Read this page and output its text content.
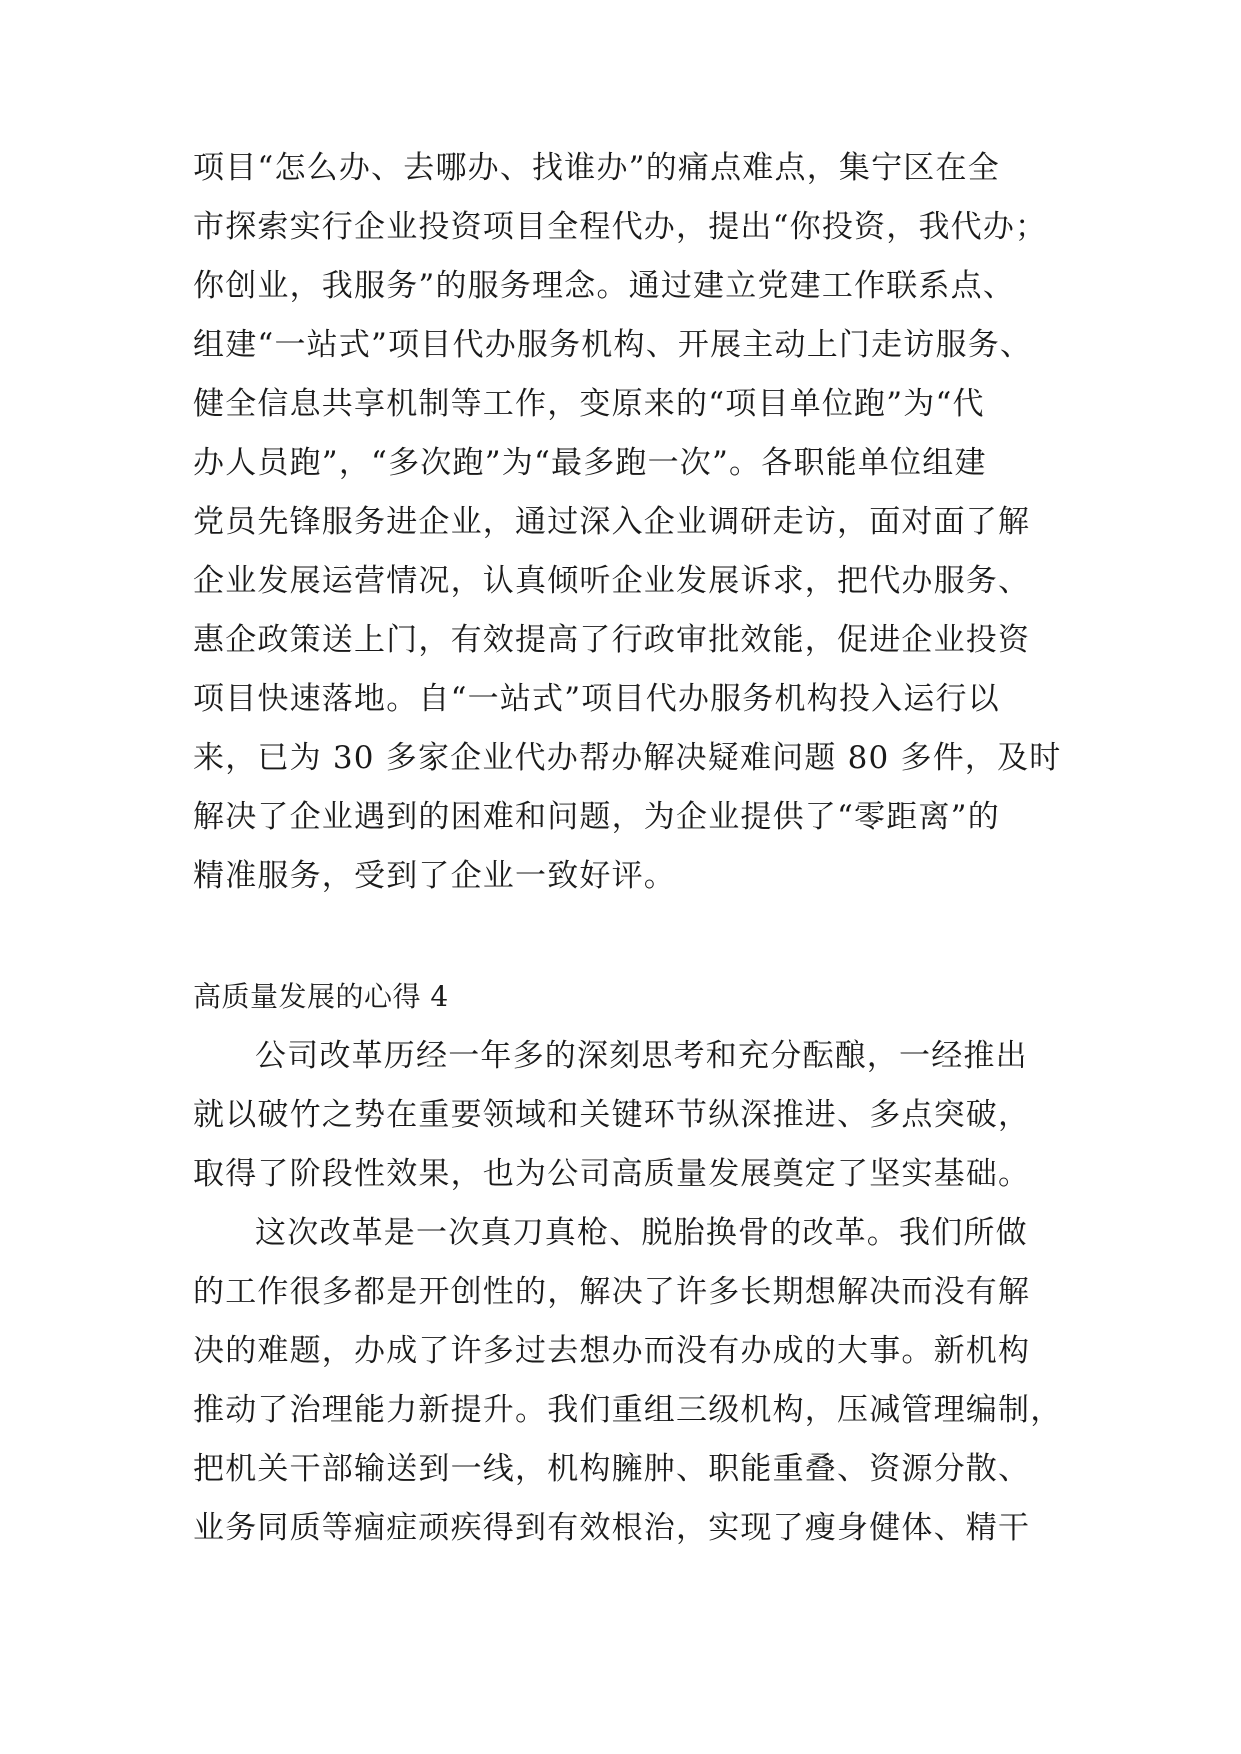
项目“怎么办、去哪办、找谁办”的痛点难点，集宁区在全
市探索实行企业投资项目全程代办，提出“你投资，我代办；
你创业，我服务”的服务理念。通过建立党建工作联系点、
组建“一站式”项目代办服务机构、开展主动上门走访服务、
健全信息共享机制等工作，变原来的“项目单位跑”为“代
办人员跑”，“多次跑”为“最多跑一次”。各职能单位组建
党员先锋服务进企业，通过深入企业调研走访，面对面了解
企业发展运营情况，认真倾听企业发展诉求，把代办服务、
惠企政策送上门，有效提高了行政审批效能，促进企业投资
项目快速落地。自“一站式”项目代办服务机构投入运行以
来，已为 30 多家企业代办帮办解决疑难问题 80 多件，及时
解决了企业遇到的困难和问题，为企业提供了“零距离”的
精准服务，受到了企业一致好评。
高质量发展的心得 4
公司改革历经一年多的深刻思考和充分酝酿，一经推出
就以破竹之势在重要领域和关键环节纵深推进、多点突破，
取得了阶段性效果，也为公司高质量发展奠定了坚实基础。
这次改革是一次真刀真枪、脱胎换骨的改革。我们所做
的工作很多都是开创性的，解决了许多长期想解决而没有解
决的难题，办成了许多过去想办而没有办成的大事。新机构
推动了治理能力新提升。我们重组三级机构，压减管理编制，
把机关干部输送到一线，机构臃肿、职能重叠、资源分散、
业务同质等痼症顽疾得到有效根治，实现了瘦身健体、精干
